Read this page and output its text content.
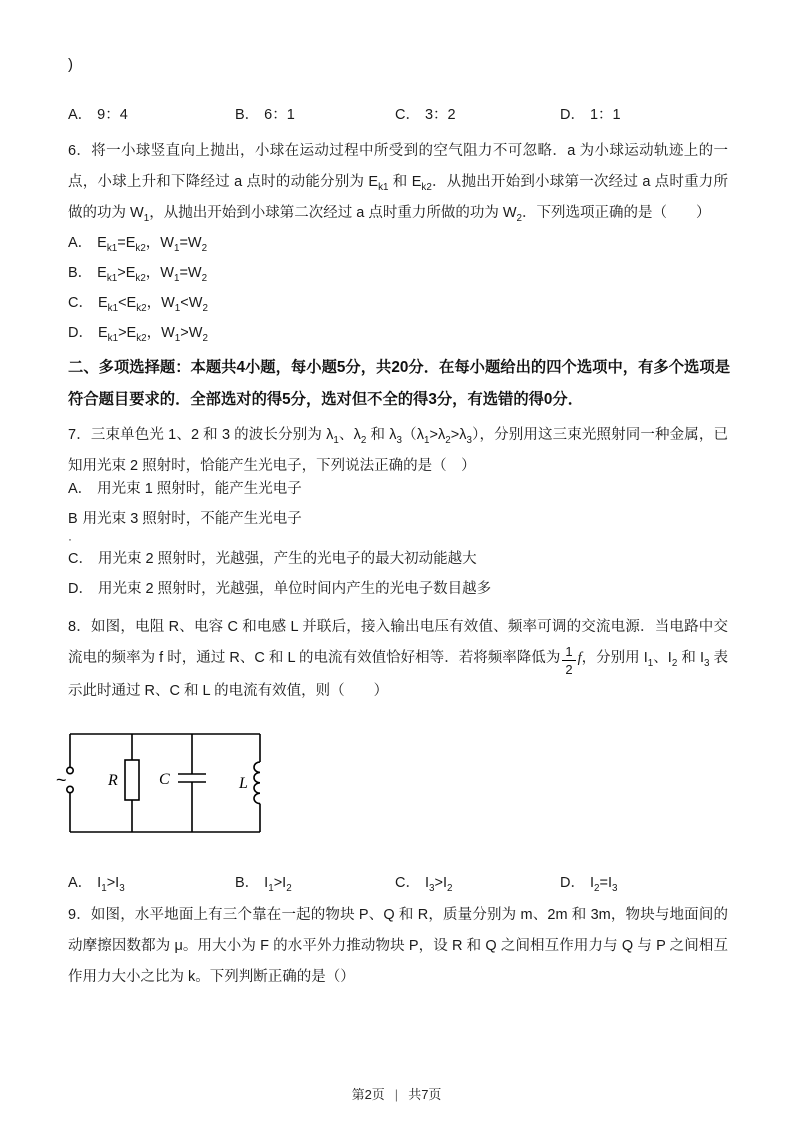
)
A． 9：4	B． 6：1	C． 3：2	D． 1：1
6．将一小球竖直向上抛出，小球在运动过程中所受到的空气阻力不可忽略．a 为小球运动轨迹上的一点，小球上升和下降经过 a 点时的动能分别为 $E_{k1}$ 和 $E_{k2}$．从抛出开始到小球第一次经过 a 点时重力所做的功为 $W_1$，从抛出开始到小球第二次经过 a 点时重力所做的功为 $W_2$．下列选项正确的是（　　）
A． $E_{k1}=E_{k2}$，$W_1=W_2$
B． $E_{k1}>E_{k2}$，$W_1=W_2$
C． $E_{k1}<E_{k2}$，$W_1<W_2$
D． $E_{k1}>E_{k2}$，$W_1>W_2$
二、多项选择题：本题共4小题，每小题5分，共20分．在每小题给出的四个选项中，有多个选项是符合题目要求的．全部选对的得5分，选对但不全的得3分，有选错的得0分．
7．三束单色光 1、2 和 3 的波长分别为 $\lambda_1$、$\lambda_2$ 和 $\lambda_3(\lambda_1>\lambda_2>\lambda_3)$，分别用这三束光照射同一种金属，已知用光束 2 照射时，恰能产生光电子，下列说法正确的是（　）
A． 用光束 1 照射时，能产生光电子
B 用光束 3 照射时，不能产生光电子
·
C． 用光束 2 照射时，光越强，产生的光电子的最大初动能越大
D． 用光束 2 照射时，光越强，单位时间内产生的光电子数目越多
8．如图，电阻 R、电容 C 和电感 L 并联后，接入输出电压有效值、频率可调的交流电源．当电路中交流电的频率为 f 时，通过 R、C 和 L 的电流有效值恰好相等．若将频率降低为 $\frac{1}{2}$ f，分别用 $I_1$、$I_2$ 和 $I_3$ 表示此时通过 R、C 和 L 的电流有效值，则（　　）
~	R	C	L
A． $I_1>I_3$	B． $I_1>I_2$	C． $I_3>I_2$	D． $I_2=I_3$
9．如图，水平地面上有三个靠在一起的物块 P、Q 和 R，质量分别为 m、2m 和 3m，物块与地面间的动摩擦因数都为 μ。用大小为 F 的水平外力推动物块 P，设 R 和 Q 之间相互作用力与 Q 与 P 之间相互作用力大小之比为 k。下列判断正确的是（）
第2页 | 共7页
